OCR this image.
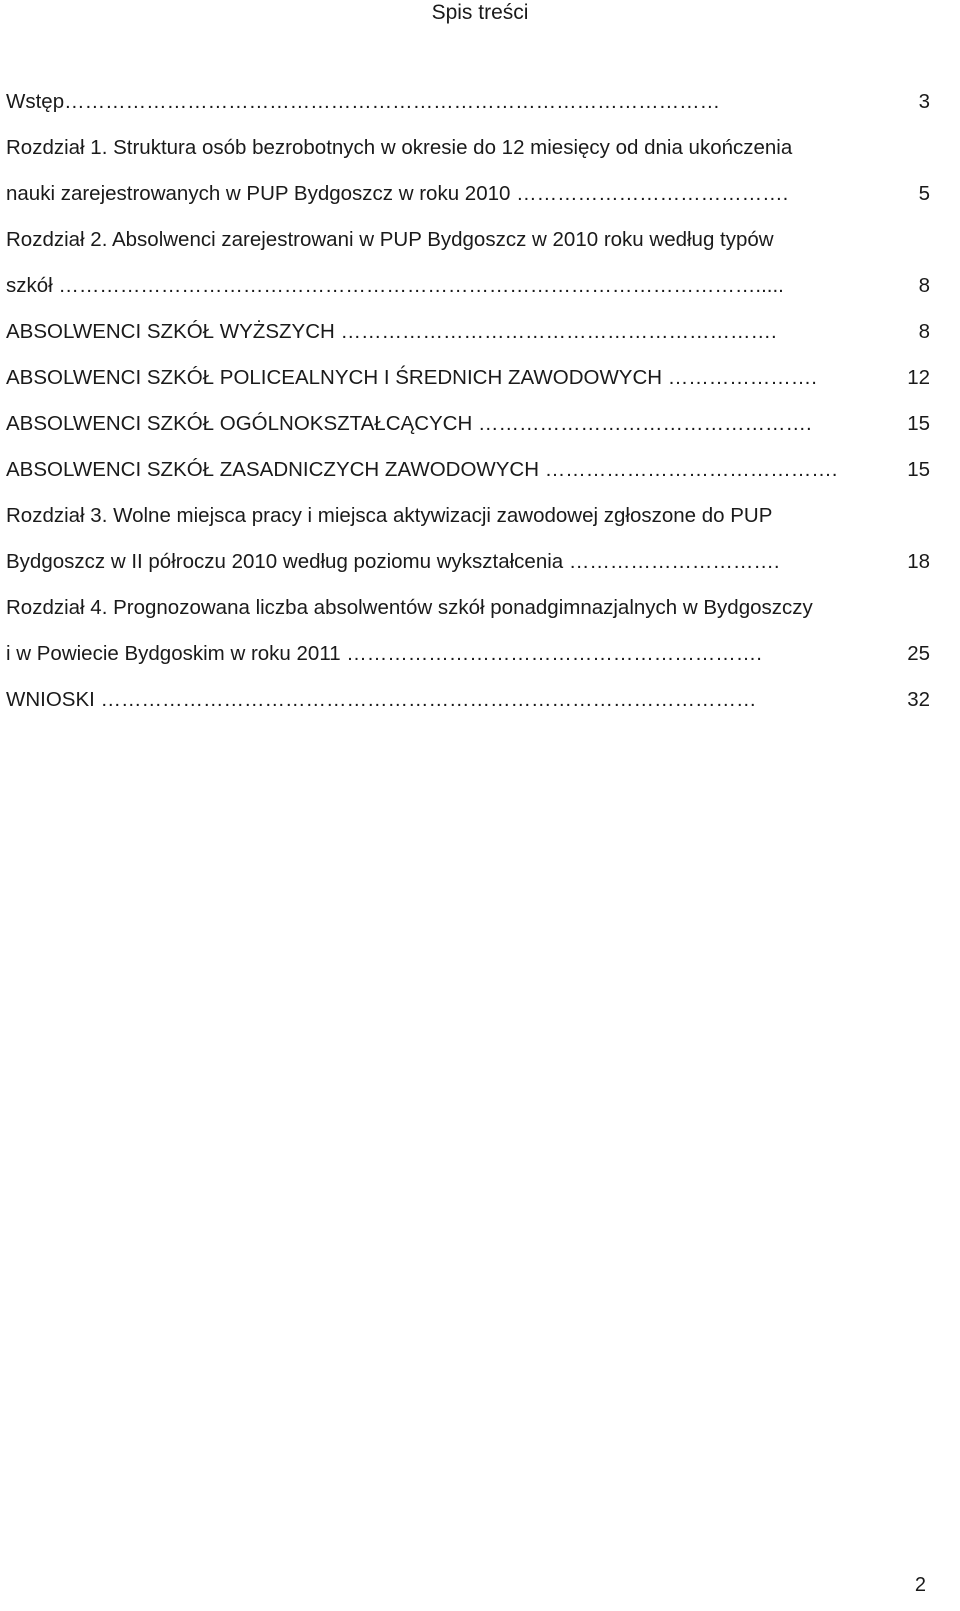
Spis treści
Wstęp……………………………………………………………………………………	3
Rozdział 1. Struktura osób bezrobotnych w okresie do 12 miesięcy od dnia ukończenia
nauki zarejestrowanych w PUP Bydgoszcz w roku 2010 ………………………………….	5
Rozdział 2. Absolwenci zarejestrowani w PUP Bydgoszcz w 2010 roku według typów
szkół ………………………………………………………………………………………….....	8
ABSOLWENCI SZKÓŁ WYŻSZYCH ……………………………………………………….	8
ABSOLWENCI SZKÓŁ POLICEALNYCH I ŚREDNICH ZAWODOWYCH ………………….	12
ABSOLWENCI SZKÓŁ OGÓLNOKSZTAŁCĄCYCH ………………………………………….	15
ABSOLWENCI SZKÓŁ ZASADNICZYCH ZAWODOWYCH …………………………………….	15
Rozdział 3. Wolne miejsca pracy i miejsca aktywizacji zawodowej zgłoszone do PUP
Bydgoszcz w II półroczu 2010 według poziomu wykształcenia ………………………….	18
Rozdział 4. Prognozowana liczba absolwentów szkół ponadgimnazjalnych w Bydgoszczy
i w Powiecie Bydgoskim w roku 2011 …………………………………………………….	25
WNIOSKI ……………………………………………………………………………………	32
2
